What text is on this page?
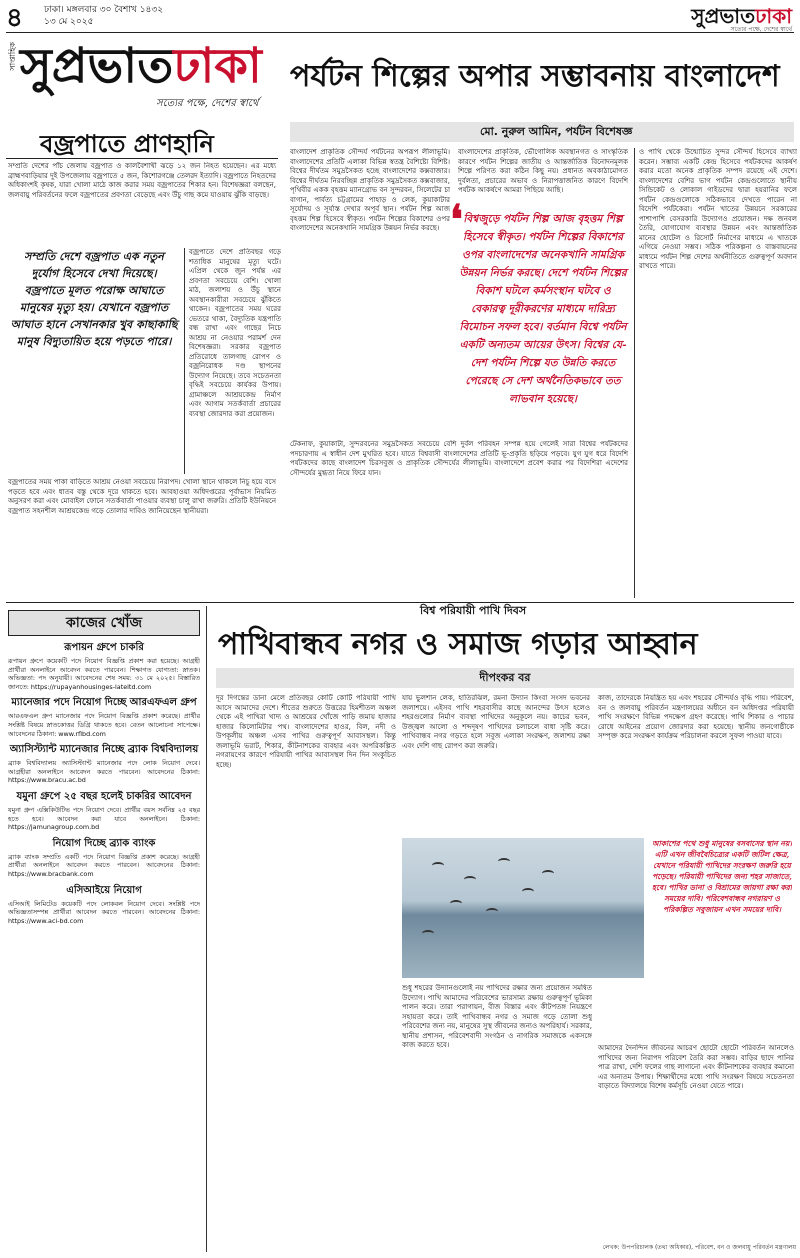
৪	ঢাকা। মঙ্গলবার ৩০ বৈশাখ ১৪৩২
১৩ মে ২০২৫	সুপ্রভাতঢাকা
সত্যের পক্ষে, দেশের স্বার্থে
সাপ্তাহিক সুপ্রভাতঢাকা
সত্যের পক্ষে, দেশের স্বার্থে
পর্যটন শিল্পের অপার সম্ভাবনায় বাংলাদেশ
মো. নুরুল আমিন, পর্যটন বিশেষজ্ঞ
বজ্রপাতে প্রাণহানি
সম্প্রতি দেশের পাঁচ জেলায় বজ্রপাত ও কালবৈশাখী ঝড়ে ১২ জন নিহত হয়েছেন। এর মধ্যে ব্রাহ্মণবাড়িয়ার দুই উপজেলায় বজ্রপাতে ৫ জন, কিশোরগঞ্জে তেলরদ ইত্যাদি। বজ্রপাতে নিহতদের অধিকাংশই কৃষক, যারা খোলা মাঠে কাজ করার সময় বজ্রপাতের শিকার হন। বিশেষজ্ঞরা বলছেন, জলবায়ু পরিবর্তনের ফলে বজ্রপাতের প্রবণতা বেড়েছে এবং উঁচু গাছ কমে যাওয়ায় ঝুঁকি বাড়ছে।
সম্প্রতি দেশে বজ্রপাত এক নতুন দুর্যোগ হিসেবে দেখা দিয়েছে। বজ্রপাতে মূলত পরোক্ষ আঘাতে মানুষের মৃত্যু হয়। যেখানে বজ্রপাত আঘাত হানে সেখানকার খুব কাছাকাছি মানুষ বিদ্যুতায়িত হয়ে পড়তে পারে।
বজ্রপাতে দেশে প্রতিবছর গড়ে শতাধিক মানুষের মৃত্যু ঘটে। এপ্রিল থেকে জুন পর্যন্ত এর প্রবণতা সবচেয়ে বেশি। খোলা মাঠ, জলাশয় ও উঁচু স্থানে অবস্থানকারীরা সবচেয়ে ঝুঁকিতে থাকেন। বজ্রপাতের সময় ঘরের ভেতরে থাকা, বৈদ্যুতিক যন্ত্রপাতি বন্ধ রাখা এবং গাছের নিচে আশ্রয় না নেওয়ার পরামর্শ দেন বিশেষজ্ঞরা। সরকার বজ্রপাত প্রতিরোধে তালগাছ রোপণ ও বজ্রনিরোধক দণ্ড স্থাপনের উদ্যোগ নিয়েছে। তবে সচেতনতা বৃদ্ধিই সবচেয়ে কার্যকর উপায়। গ্রামাঞ্চলে আশ্রয়কেন্দ্র নির্মাণ এবং আগাম সতর্কবার্তা প্রচারের ব্যবস্থা জোরদার করা প্রয়োজন।
বজ্রপাতের সময় পাকা বাড়িতে আশ্রয় নেওয়া সবচেয়ে নিরাপদ। খোলা স্থানে থাকলে নিচু হয়ে বসে পড়তে হবে এবং ধাতব বস্তু থেকে দূরে থাকতে হবে। আবহাওয়া অধিদপ্তরের পূর্বাভাস নিয়মিত অনুসরণ করা এবং মোবাইল ফোনে সতর্কবার্তা পাওয়ার ব্যবস্থা চালু রাখা জরুরি। প্রতিটি ইউনিয়নে বজ্রপাত সহনশীল আশ্রয়কেন্দ্র গড়ে তোলার দাবিও জানিয়েছেন স্থানীয়রা।
বাংলাদেশ প্রাকৃতিক সৌন্দর্য পর্যটনের অপরূপ লীলাভূমি। বাংলাদেশের প্রতিটি এলাকা বিভিন্ন স্বতন্ত্র বৈশিষ্ট্যে বিশিষ্ট। বিশ্বের দীর্ঘতম সমুদ্রসৈকত হচ্ছে বাংলাদেশের কক্সবাজার। বিশ্বের দীর্ঘতম নিরবচ্ছিন্ন প্রাকৃতিক সমুদ্রসৈকত কক্সবাজার, পৃথিবীর একক বৃহত্তম ম্যানগ্রোভ বন সুন্দরবন, সিলেটের চা বাগান, পার্বত্য চট্টগ্রামের পাহাড় ও লেক, কুয়াকাটার সূর্যোদয় ও সূর্যাস্ত দেখার অপূর্ব স্থান। পর্যটন শিল্প আজ বৃহত্তম শিল্প হিসেবে স্বীকৃত। পর্যটন শিল্পের বিকাশের ওপর বাংলাদেশের অনেকখানি সামগ্রিক উন্নয়ন নির্ভর করছে।
বাংলাদেশের প্রাকৃতিক, ভৌগোলিক অবস্থানগত ও সাংস্কৃতিক কারণে পর্যটন শিল্পের জাতীয় ও আন্তর্জাতিক বিনোদনমূলক শিল্পে পরিণত করা কঠিন কিছু নয়। প্রধানত অবকাঠামোগত দুর্বলতা, প্রচারের অভাব ও নিরাপত্তাজনিত কারণে বিদেশি পর্যটক আকর্ষণে আমরা পিছিয়ে আছি।
❛ বিশ্বজুড়ে পর্যটন শিল্প আজ বৃহত্তম শিল্প হিসেবে স্বীকৃত। পর্যটন শিল্পের বিকাশের ওপর বাংলাদেশের অনেকখানি সামগ্রিক উন্নয়ন নির্ভর করছে। দেশে পর্যটন শিল্পের বিকাশ ঘটলে কর্মসংস্থান ঘটবে ও বেকারত্ব দূরীকরণের মাধ্যমে দারিদ্র্য বিমোচন সফল হবে। বর্তমান বিশ্বে পর্যটন একটি অন্যতম আয়ের উৎস। বিশ্বের যে-দেশ পর্যটন শিল্পে যত উন্নতি করতে পেরেছে সে দেশ অর্থনৈতিকভাবে তত লাভবান হয়েছে।
ও পাখি থেকে উন্মোচিত সুন্দর সৌন্দর্য হিসেবে ব্যাখ্যা করেন। সম্ভাব্য একটি কেন্দ্র হিসেবে পর্যটকদের আকর্ষণ করার মতো অনেক প্রাকৃতিক সম্পদ রয়েছে এই দেশে। বাংলাদেশের বেশির ভাগ পর্যটন কেন্দ্রগুলোতে স্থানীয় সিন্ডিকেট ও লোকাল গাইডদের দ্বারা হয়রানির ফলে পর্যটন কেন্দ্রগুলোকে সঠিকভাবে দেখতে পারেন না বিদেশি পর্যটকেরা। পর্যটন খাতের উন্নয়নে সরকারের পাশাপাশি বেসরকারি উদ্যোগও প্রয়োজন। দক্ষ জনবল তৈরি, যোগাযোগ ব্যবস্থার উন্নয়ন এবং আন্তর্জাতিক মানের হোটেল ও রিসোর্ট নির্মাণের মাধ্যমে এ খাতকে এগিয়ে নেওয়া সম্ভব। সঠিক পরিকল্পনা ও বাস্তবায়নের মাধ্যমে পর্যটন শিল্প দেশের অর্থনীতিতে গুরুত্বপূর্ণ অবদান রাখতে পারে।
টেকনাফ, কুয়াকাটা, সুন্দরবনের সমুদ্রসৈকত সবচেয়ে বেশি দুর্বল পরিবহন সম্পন্ন হয়ে গেলেই সারা বিশ্বের পর্যটকদের পদচারণায় এ স্বাধীন দেশ মুখরিত হবে। যাতে বিশ্ববাসী বাংলাদেশের প্রতিটি ভূ-প্রকৃতি ছড়িয়ে পড়বে। যুগ যুগ ধরে বিদেশি পর্যটকদের কাছে বাংলাদেশ চিরসবুজ ও প্রাকৃতিক সৌন্দর্যের লীলাভূমি। বাংলাদেশে প্রবেশ করার পর বিদেশিরা এদেশের সৌন্দর্যের মুগ্ধতা নিয়ে ফিরে যান।
কাজের খোঁজ
রূপায়ন গ্রুপে চাকরি
রূপায়ন গ্রুপে কয়েকটি পদে নিয়োগ বিজ্ঞপ্তি প্রকাশ করা হয়েছে। আগ্রহী প্রার্থীরা অনলাইনে আবেদন করতে পারবেন। শিক্ষাগত যোগ্যতা: স্নাতক। অভিজ্ঞতা: পদ অনুযায়ী। আবেদনের শেষ সময়: ৩১ মে ২০২৫। বিস্তারিত জানতে: https://rupayanhousinges-lateltd.com
ম্যানেজার পদে নিয়োগ দিচ্ছে আরএফএল গ্রুপ
আরএফএল গ্রুপ ম্যানেজার পদে নিয়োগ বিজ্ঞপ্তি প্রকাশ করেছে। প্রার্থীর সংশ্লিষ্ট বিষয়ে স্নাতকোত্তর ডিগ্রি থাকতে হবে। বেতন আলোচনা সাপেক্ষে। আবেদনের ঠিকানা: www.rflbd.com
অ্যাসিস্ট্যান্ট ম্যানেজার নিচ্ছে ব্র্যাক বিশ্ববিদ্যালয়
ব্র্যাক বিশ্ববিদ্যালয় অ্যাসিস্ট্যান্ট ম্যানেজার পদে লোক নিয়োগ দেবে। আগ্রহীরা অনলাইনে আবেদন করতে পারবেন। আবেদনের ঠিকানা: https://www.bracu.ac.bd
যমুনা গ্রুপে ২৫ বছর হলেই চাকরির আবেদন
যমুনা গ্রুপ এক্সিকিউটিভ পদে নিয়োগ দেবে। প্রার্থীর বয়স সর্বনিম্ন ২৫ বছর হতে হবে। আবেদন করা যাবে অনলাইনে। ঠিকানা: https://jamunagroup.com.bd
নিয়োগ দিচ্ছে ব্র্যাক ব্যাংক
ব্র্যাক ব্যাংক সম্প্রতি একটি পদে নিয়োগ বিজ্ঞপ্তি প্রকাশ করেছে। আগ্রহী প্রার্থীরা অনলাইনে আবেদন করতে পারবেন। আবেদনের ঠিকানা: https://www.bracbank.com
এসিআইয়ে নিয়োগ
এসিআই লিমিটেড কয়েকটি পদে লোকবল নিয়োগ দেবে। সংশ্লিষ্ট পদে অভিজ্ঞতাসম্পন্ন প্রার্থীরা আবেদন করতে পারবেন। আবেদনের ঠিকানা: https://www.aci-bd.com
বিশ্ব পরিযায়ী পাখি দিবস
পাখিবান্ধব নগর ও সমাজ গড়ার আহ্বান
দীপংকর বর
দূর দিগন্তের ডানা মেলে প্রতিবছর কোটি কোটি পরিযায়ী পাখি আসে আমাদের দেশে। শীতের শুরুতে উত্তরের হিমশীতল অঞ্চল থেকে এই পাখিরা খাদ্য ও আশ্রয়ের খোঁজে পাড়ি জমায় হাজার হাজার কিলোমিটার পথ। বাংলাদেশের হাওর, বিল, নদী ও উপকূলীয় অঞ্চল এসব পাখির গুরুত্বপূর্ণ আবাসস্থল। কিন্তু জলাভূমি ভরাট, শিকার, কীটনাশকের ব্যবহার এবং অপরিকল্পিত নগরায়ণের কারণে পরিযায়ী পাখির আবাসস্থল দিন দিন সংকুচিত হচ্ছে।
যায় ভুলশান লেক, হাতিরঝিল, রমনা উদ্যান কিংবা সংসদ ভবনের জলাশয়ে। এইসব পাখি শহরবাসীর কাছে আনন্দের উৎস হলেও শহরগুলোর নির্মাণ ব্যবস্থা পাখিদের অনুকূলে নয়। কাচের ভবন, উজ্জ্বল আলো ও শব্দদূষণ পাখিদের চলাচলে বাধা সৃষ্টি করে। পাখিবান্ধব নগর গড়তে হলে সবুজ এলাকা সংরক্ষণ, জলাশয় রক্ষা এবং দেশি গাছ রোপণ করা জরুরি।
কাজ, তাদেরকে নিয়ন্ত্রিত হয় এবং শহরের সৌন্দর্যও বৃদ্ধি পায়। পরিবেশ, বন ও জলবায়ু পরিবর্তন মন্ত্রণালয়ের অধীনে বন অধিদপ্তর পরিযায়ী পাখি সংরক্ষণে বিভিন্ন পদক্ষেপ গ্রহণ করেছে। পাখি শিকার ও পাচার রোধে আইনের প্রয়োগ জোরদার করা হয়েছে। স্থানীয় জনগোষ্ঠীকে সম্পৃক্ত করে সংরক্ষণ কার্যক্রম পরিচালনা করলে সুফল পাওয়া যাবে।
আকাশের পথে শুধু মানুষের বসবাসের স্থান নয়। এটি এখন জীববৈচিত্র্যের একটি জটিল ক্ষেত্র, যেখানে পরিযায়ী পাখিদের সংরক্ষণ জরুরি হয়ে পড়েছে। পরিযায়ী পাখিদের জন্য শহর সাজাতে, হবে। পাখির ডানা ও বিশ্রামের জায়গা রক্ষা করা সময়ের দাবি। পরিবেশবান্ধব নগরায়ণ ও পরিকল্পিত সবুজায়ন এখন সময়ের দাবি।
শুধু শহরের উদ্যানগুলোই নয় পাখিদের রক্ষার জন্য প্রয়োজন সমন্বিত উদ্যোগ। পাখি আমাদের পরিবেশের ভারসাম্য রক্ষায় গুরুত্বপূর্ণ ভূমিকা পালন করে। তারা পরাগায়ন, বীজ বিস্তার এবং কীটপতঙ্গ নিয়ন্ত্রণে সহায়তা করে। তাই পাখিবান্ধব নগর ও সমাজ গড়ে তোলা শুধু পরিবেশের জন্য নয়, মানুষের সুস্থ জীবনের জন্যও অপরিহার্য। সরকার, স্থানীয় প্রশাসন, পরিবেশবাদী সংগঠন ও নাগরিক সমাজকে একসঙ্গে কাজ করতে হবে।	আমাদের দৈনন্দিন জীবনের আচরণ ছোটো ছোটো পরিবর্তন আনলেও পাখিদের জন্য নিরাপদ পরিবেশ তৈরি করা সম্ভব। বাড়ির ছাদে পানির পাত্র রাখা, দেশি ফলের গাছ লাগানো এবং কীটনাশকের ব্যবহার কমানো এর অন্যতম উপায়। শিক্ষার্থীদের মধ্যে পাখি সংরক্ষণ বিষয়ে সচেতনতা বাড়াতে বিদ্যালয়ে বিশেষ কর্মসূচি নেওয়া যেতে পারে।
লেখক: উপপরিচালক (তথ্য অধিকার), পরিবেশ, বন ও জলবায়ু পরিবর্তন মন্ত্রণালয়
